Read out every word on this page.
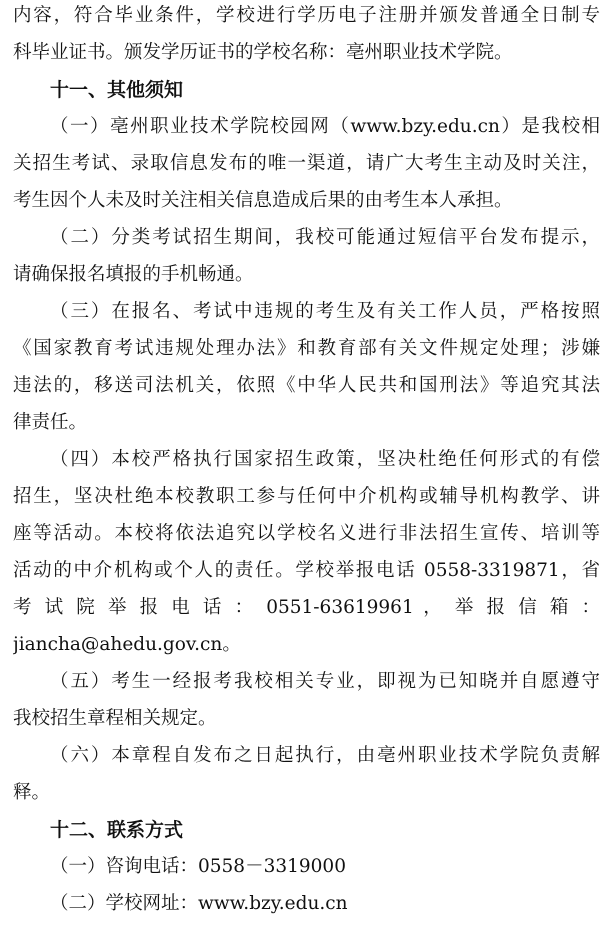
内容，符合毕业条件，学校进行学历电子注册并颁发普通全日制专
科毕业证书。颁发学历证书的学校名称：亳州职业技术学院。
十一、其他须知
（一）亳州职业技术学院校园网（www.bzy.edu.cn）是我校相
关招生考试、录取信息发布的唯一渠道，请广大考生主动及时关注，
考生因个人未及时关注相关信息造成后果的由考生本人承担。
（二）分类考试招生期间，我校可能通过短信平台发布提示，
请确保报名填报的手机畅通。
（三）在报名、考试中违规的考生及有关工作人员，严格按照
《国家教育考试违规处理办法》和教育部有关文件规定处理；涉嫌
违法的，移送司法机关，依照《中华人民共和国刑法》等追究其法
律责任。
（四）本校严格执行国家招生政策，坚决杜绝任何形式的有偿
招生，坚决杜绝本校教职工参与任何中介机构或辅导机构教学、讲
座等活动。本校将依法追究以学校名义进行非法招生宣传、培训等
活动的中介机构或个人的责任。学校举报电话 0558-3319871，省
考 试 院 举 报 电 话 ： 0551-63619961 ， 举 报 信 箱 ：
jiancha@ahedu.gov.cn。
（五）考生一经报考我校相关专业，即视为已知晓并自愿遵守
我校招生章程相关规定。
（六）本章程自发布之日起执行，由亳州职业技术学院负责解
释。
十二、联系方式
（一）咨询电话：0558－3319000
（二）学校网址：www.bzy.edu.cn
